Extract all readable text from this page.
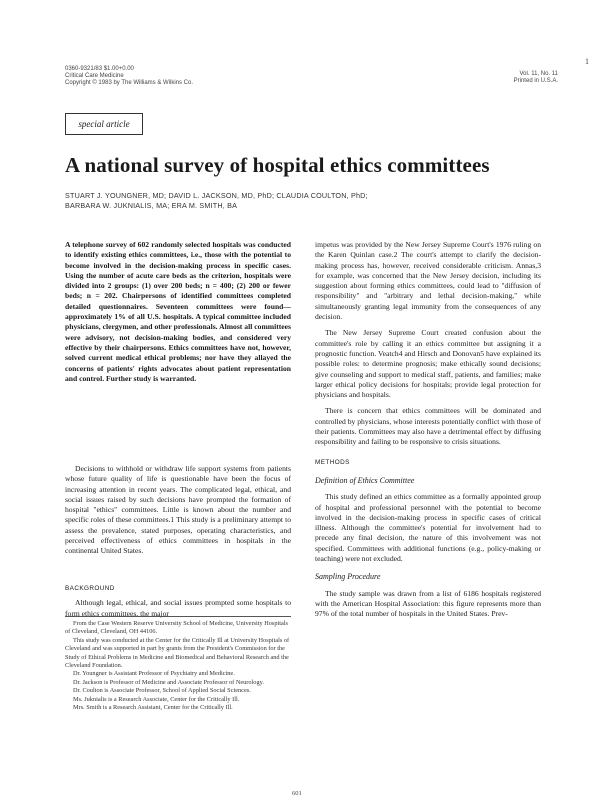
0360-9321/83 $1.00+0.00
Critical Care Medicine
Copyright © 1983 by The Williams & Wilkins Co.
Vol. 11, No. 11
Printed in U.S.A.
1
special article
A national survey of hospital ethics committees
STUART J. YOUNGNER, MD; DAVID L. JACKSON, MD, PhD; CLAUDIA COULTON, PhD;
BARBARA W. JUKNIALIS, MA; ERA M. SMITH, BA
A telephone survey of 602 randomly selected hospitals was conducted to identify existing ethics committees, i.e., those with the potential to become involved in the decision-making process in specific cases. Using the number of acute care beds as the criterion, hospitals were divided into 2 groups: (1) over 200 beds; n = 400; (2) 200 or fewer beds; n = 202. Chairpersons of identified committees completed detailed questionnaires. Seventeen committees were found—approximately 1% of all U.S. hospitals. A typical committee included physicians, clergymen, and other professionals. Almost all committees were advisory, not decision-making bodies, and considered very effective by their chairpersons. Ethics committees have not, however, solved current medical ethical problems; nor have they allayed the concerns of patients' rights advocates about patient representation and control. Further study is warranted.
Decisions to withhold or withdraw life support systems from patients whose future quality of life is questionable have been the focus of increasing attention in recent years. The complicated legal, ethical, and social issues raised by such decisions have prompted the formation of hospital "ethics" committees. Little is known about the number and specific roles of these committees.1 This study is a preliminary attempt to assess the prevalence, stated purposes, operating characteristics, and perceived effectiveness of ethics committees in hospitals in the continental United States.
BACKGROUND
Although legal, ethical, and social issues prompted some hospitals to form ethics committees, the major

From the Case Western Reserve University School of Medicine, University Hospitals of Cleveland, Cleveland, OH 44106.

This study was conducted at the Center for the Critically Ill at University Hospitals of Cleveland and was supported in part by grants from the President's Commission for the Study of Ethical Problems in Medicine and Biomedical and Behavioral Research and the Cleveland Foundation.

Dr. Youngner is Assistant Professor of Psychiatry and Medicine.

Dr. Jackson is Professor of Medicine and Associate Professor of Neurology.

Dr. Coulton is Associate Professor, School of Applied Social Sciences.

Ms. Juknialis is a Research Associate, Center for the Critically Ill.

Mrs. Smith is a Research Assistant, Center for the Critically Ill.

impetus was provided by the New Jersey Supreme Court's 1976 ruling on the Karen Quinlan case.2 The court's attempt to clarify the decision-making process has, however, received considerable criticism. Annas,3 for example, was concerned that the New Jersey decision, including its suggestion about forming ethics committees, could lead to "diffusion of responsibility" and "arbitrary and lethal decision-making," while simultaneously granting legal immunity from the consequences of any decision.

The New Jersey Supreme Court created confusion about the committee's role by calling it an ethics committee but assigning it a prognostic function. Veatch4 and Hirsch and Donovan5 have explained its possible roles: to determine prognosis; make ethically sound decisions; give counseling and support to medical staff, patients, and families; make larger ethical policy decisions for hospitals; provide legal protection for physicians and hospitals.

There is concern that ethics committees will be dominated and controlled by physicians, whose interests potentially conflict with those of their patients. Committees may also have a detrimental effect by diffusing responsibility and failing to be responsive to crisis situations.

METHODS

Definition of Ethics Committee

This study defined an ethics committee as a formally appointed group of hospital and professional personnel with the potential to become involved in the decision-making process in specific cases of critical illness. Although the committee's potential for involvement had to precede any final decision, the nature of this involvement was not specified. Committees with additional functions (e.g., policy-making or teaching) were not excluded.

Sampling Procedure

The study sample was drawn from a list of 6186 hospitals registered with the American Hospital Association: this figure represents more than 97% of the total number of hospitals in the United States. Prev-

601
